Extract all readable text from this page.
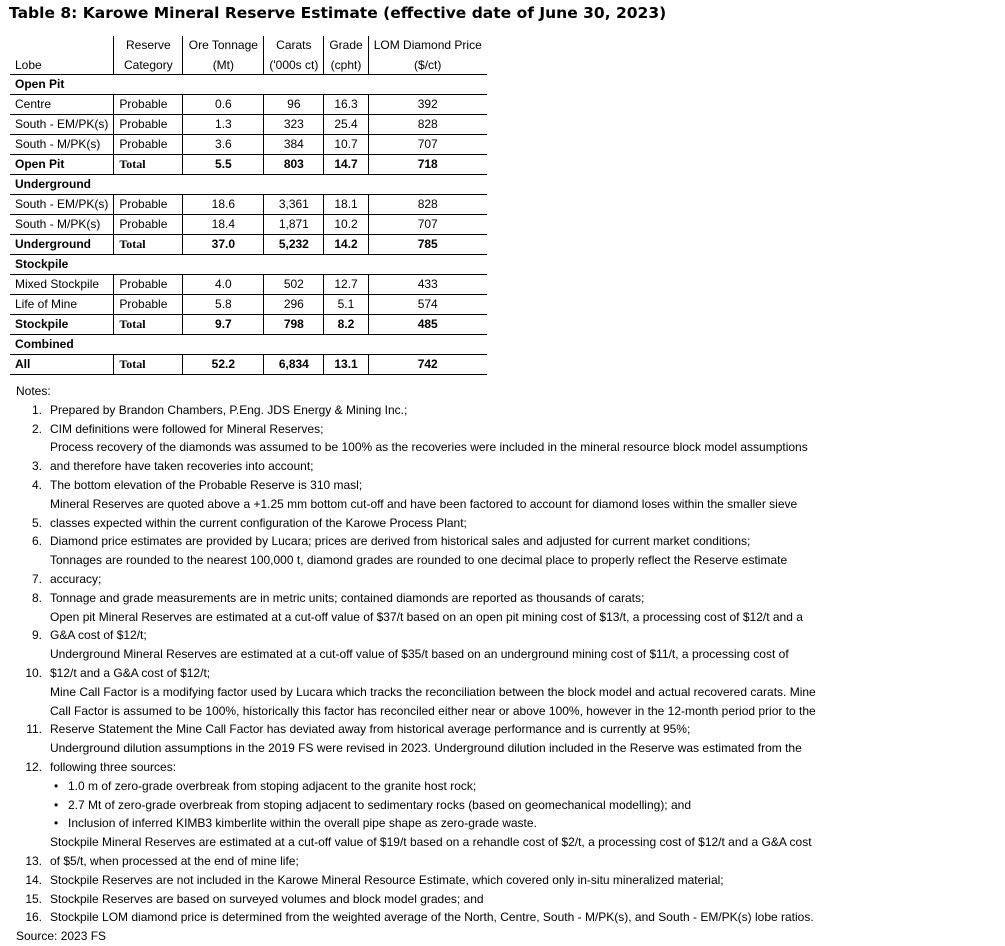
Table 8: Karowe Mineral Reserve Estimate (effective date of June 30, 2023)
	Reserve	Ore Tonnage	Carats	Grade	LOM Diamond Price
Lobe	Category	(Mt)	('000s ct)	(cpht)	($/ct)
Open Pit					
Centre	Probable	0.6	96	16.3	392
South - EM/PK(s)	Probable	1.3	323	25.4	828
South - M/PK(s)	Probable	3.6	384	10.7	707
Open Pit	Total	5.5	803	14.7	718
Underground					
South - EM/PK(s)	Probable	18.6	3,361	18.1	828
South - M/PK(s)	Probable	18.4	1,871	10.2	707
Underground	Total	37.0	5,232	14.2	785
Stockpile					
Mixed Stockpile	Probable	4.0	502	12.7	433
Life of Mine	Probable	5.8	296	5.1	574
Stockpile	Total	9.7	798	8.2	485
Combined					
All	Total	52.2	6,834	13.1	742
Notes:
1. Prepared by Brandon Chambers, P.Eng. JDS Energy & Mining Inc.;
2. CIM definitions were followed for Mineral Reserves;
3.
Process recovery of the diamonds was assumed to be 100% as the recoveries were included in the mineral resource block model assumptions and therefore have taken recoveries into account;
4. The bottom elevation of the Probable Reserve is 310 masl;
5.
Mineral Reserves are quoted above a +1.25 mm bottom cut-off and have been factored to account for diamond loses within the smaller sieve classes expected within the current configuration of the Karowe Process Plant;
6. Diamond price estimates are provided by Lucara; prices are derived from historical sales and adjusted for current market conditions;
7.
Tonnages are rounded to the nearest 100,000 t, diamond grades are rounded to one decimal place to properly reflect the Reserve estimate accuracy;
8. Tonnage and grade measurements are in metric units; contained diamonds are reported as thousands of carats;
9.
Open pit Mineral Reserves are estimated at a cut-off value of $37/t based on an open pit mining cost of $13/t, a processing cost of $12/t and a G&A cost of $12/t;
10.
Underground Mineral Reserves are estimated at a cut-off value of $35/t based on an underground mining cost of $11/t, a processing cost of $12/t and a G&A cost of $12/t;
11.
Mine Call Factor is a modifying factor used by Lucara which tracks the reconciliation between the block model and actual recovered carats. Mine Call Factor is assumed to be 100%, historically this factor has reconciled either near or above 100%, however in the 12-month period prior to the Reserve Statement the Mine Call Factor has deviated away from historical average performance and is currently at 95%;
12.
Underground dilution assumptions in the 2019 FS were revised in 2023. Underground dilution included in the Reserve was estimated from the following three sources:
• 1.0 m of zero-grade overbreak from stoping adjacent to the granite host rock;
• 2.7 Mt of zero-grade overbreak from stoping adjacent to sedimentary rocks (based on geomechanical modelling); and
• Inclusion of inferred KIMB3 kimberlite within the overall pipe shape as zero-grade waste.
13.
Stockpile Mineral Reserves are estimated at a cut-off value of $19/t based on a rehandle cost of $2/t, a processing cost of $12/t and a G&A cost of $5/t, when processed at the end of mine life;
14. Stockpile Reserves are not included in the Karowe Mineral Resource Estimate, which covered only in-situ mineralized material;
15. Stockpile Reserves are based on surveyed volumes and block model grades; and
16. Stockpile LOM diamond price is determined from the weighted average of the North, Centre, South - M/PK(s), and South - EM/PK(s) lobe ratios.
Source: 2023 FS
